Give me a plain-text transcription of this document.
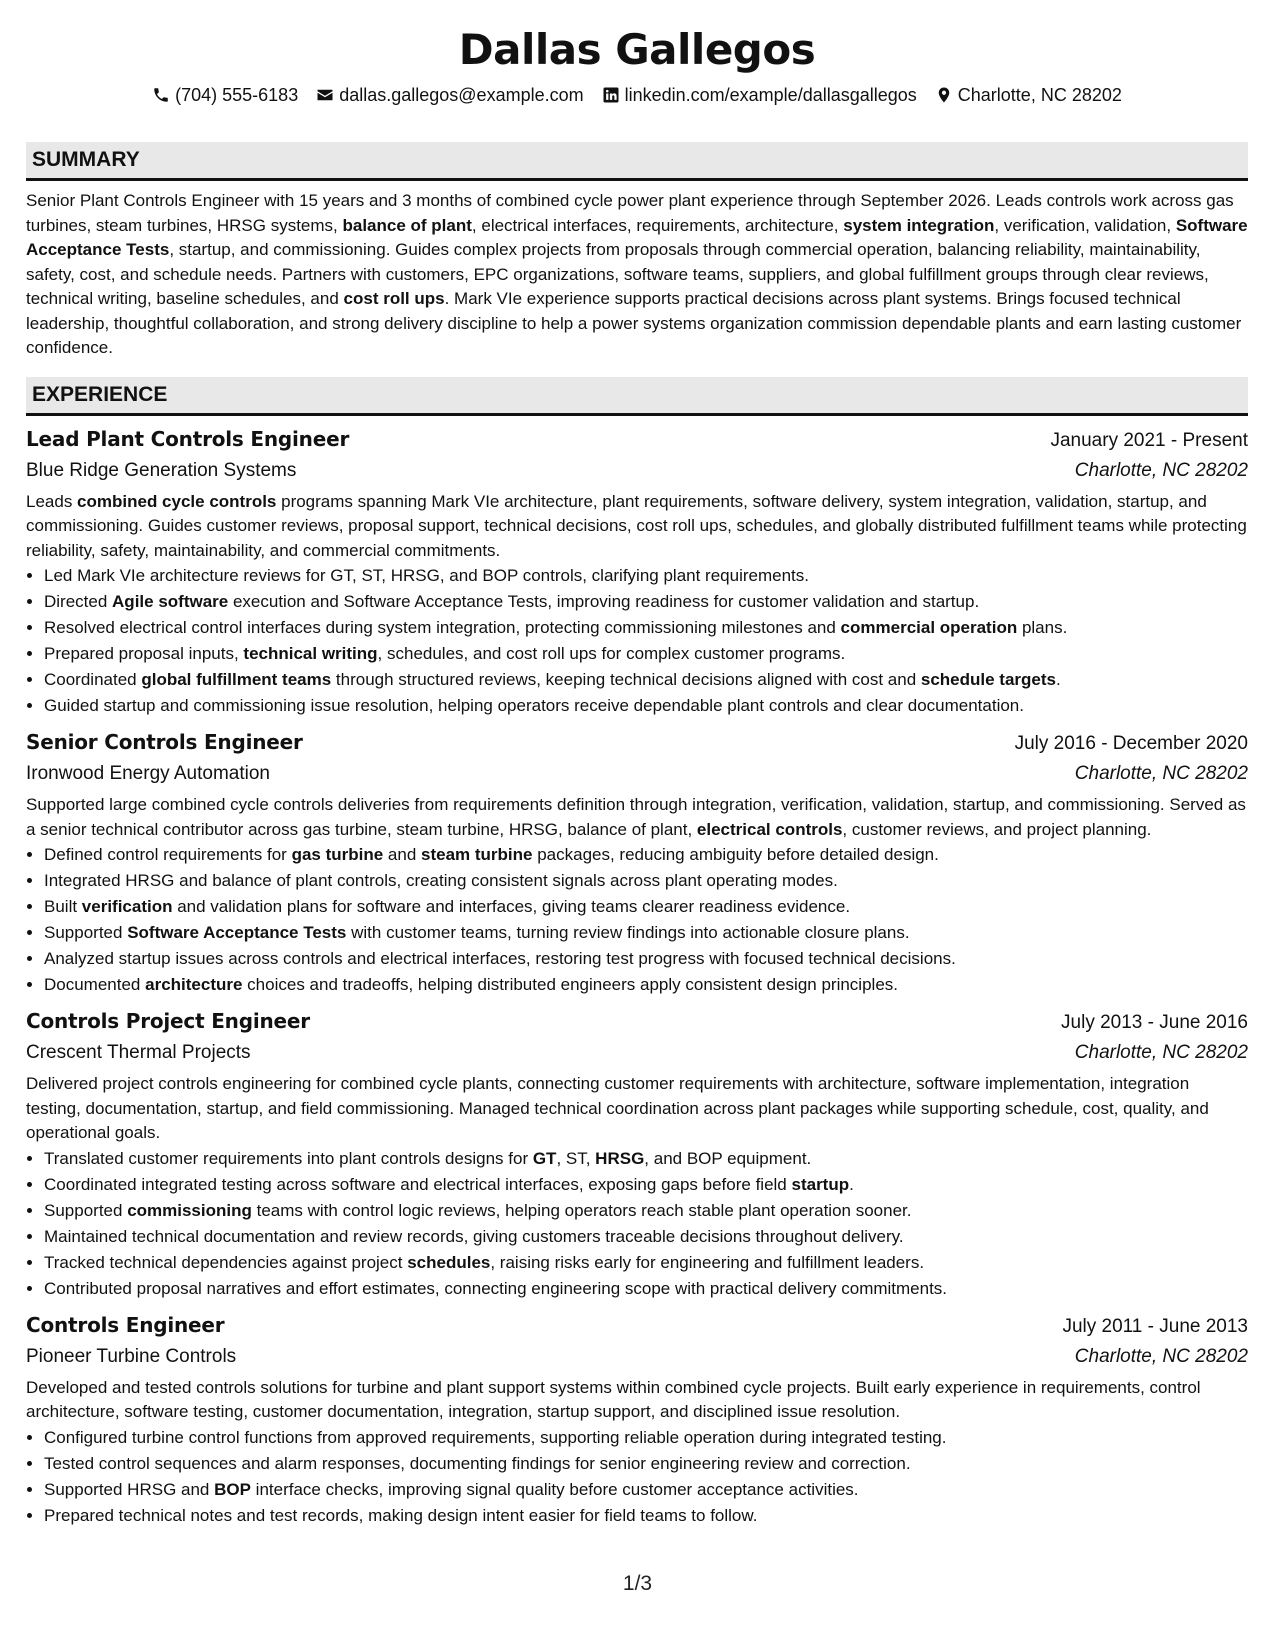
Dallas Gallegos
(704) 555-6183 dallas.gallegos@example.com linkedin.com/example/dallasgallegos Charlotte, NC 28202
SUMMARY

Senior Plant Controls Engineer with 15 years and 3 months of combined cycle power plant experience through September 2026. Leads controls work across gas turbines, steam turbines, HRSG systems, balance of plant, electrical interfaces, requirements, architecture, system integration, verification, validation, Software Acceptance Tests, startup, and commissioning. Guides complex projects from proposals through commercial operation, balancing reliability, maintainability, safety, cost, and schedule needs. Partners with customers, EPC organizations, software teams, suppliers, and global fulfillment groups through clear reviews, technical writing, baseline schedules, and cost roll ups. Mark VIe experience supports practical decisions across plant systems. Brings focused technical leadership, thoughtful collaboration, and strong delivery discipline to help a power systems organization commission dependable plants and earn lasting customer confidence.

EXPERIENCE
Lead Plant Controls Engineer	January 2021 - Present
Blue Ridge Generation Systems	Charlotte, NC 28202

Leads combined cycle controls programs spanning Mark VIe architecture, plant requirements, software delivery, system integration, validation, startup, and commissioning. Guides customer reviews, proposal support, technical decisions, cost roll ups, schedules, and globally distributed fulfillment teams while protecting reliability, safety, maintainability, and commercial commitments.

• Led Mark VIe architecture reviews for GT, ST, HRSG, and BOP controls, clarifying plant requirements.
• Directed Agile software execution and Software Acceptance Tests, improving readiness for customer validation and startup.
• Resolved electrical control interfaces during system integration, protecting commissioning milestones and commercial operation plans.
• Prepared proposal inputs, technical writing, schedules, and cost roll ups for complex customer programs.
• Coordinated global fulfillment teams through structured reviews, keeping technical decisions aligned with cost and schedule targets.
• Guided startup and commissioning issue resolution, helping operators receive dependable plant controls and clear documentation.
Senior Controls Engineer	July 2016 - December 2020
Ironwood Energy Automation	Charlotte, NC 28202

Supported large combined cycle controls deliveries from requirements definition through integration, verification, validation, startup, and commissioning. Served as a senior technical contributor across gas turbine, steam turbine, HRSG, balance of plant, electrical controls, customer reviews, and project planning.

• Defined control requirements for gas turbine and steam turbine packages, reducing ambiguity before detailed design.
• Integrated HRSG and balance of plant controls, creating consistent signals across plant operating modes.
• Built verification and validation plans for software and interfaces, giving teams clearer readiness evidence.
• Supported Software Acceptance Tests with customer teams, turning review findings into actionable closure plans.
• Analyzed startup issues across controls and electrical interfaces, restoring test progress with focused technical decisions.
• Documented architecture choices and tradeoffs, helping distributed engineers apply consistent design principles.
Controls Project Engineer	July 2013 - June 2016
Crescent Thermal Projects	Charlotte, NC 28202

Delivered project controls engineering for combined cycle plants, connecting customer requirements with architecture, software implementation, integration testing, documentation, startup, and field commissioning. Managed technical coordination across plant packages while supporting schedule, cost, quality, and operational goals.

• Translated customer requirements into plant controls designs for GT, ST, HRSG, and BOP equipment.
• Coordinated integrated testing across software and electrical interfaces, exposing gaps before field startup.
• Supported commissioning teams with control logic reviews, helping operators reach stable plant operation sooner.
• Maintained technical documentation and review records, giving customers traceable decisions throughout delivery.
• Tracked technical dependencies against project schedules, raising risks early for engineering and fulfillment leaders.
• Contributed proposal narratives and effort estimates, connecting engineering scope with practical delivery commitments.
Controls Engineer	July 2011 - June 2013
Pioneer Turbine Controls	Charlotte, NC 28202

Developed and tested controls solutions for turbine and plant support systems within combined cycle projects. Built early experience in requirements, control architecture, software testing, customer documentation, integration, startup support, and disciplined issue resolution.

• Configured turbine control functions from approved requirements, supporting reliable operation during integrated testing.
• Tested control sequences and alarm responses, documenting findings for senior engineering review and correction.
• Supported HRSG and BOP interface checks, improving signal quality before customer acceptance activities.
• Prepared technical notes and test records, making design intent easier for field teams to follow.
1/3
